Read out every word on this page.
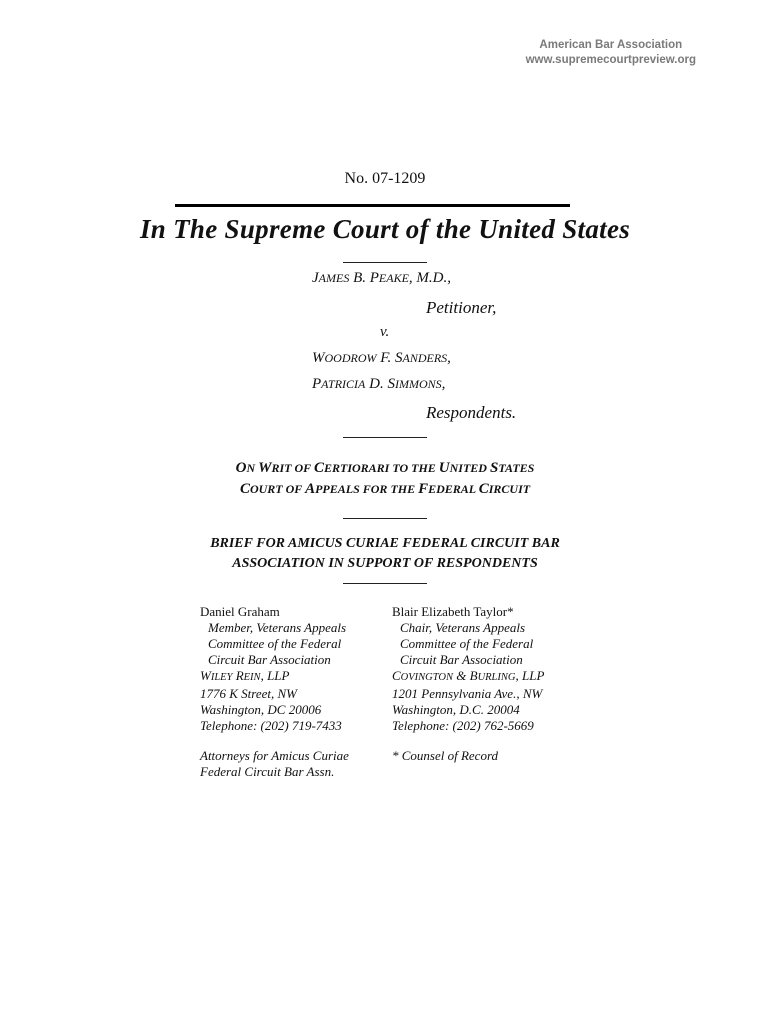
American Bar Association
www.supremecourtpreview.org
No. 07-1209
In The Supreme Court of the United States
JAMES B. PEAKE, M.D.,
Petitioner,
v.
WOODROW F. SANDERS,
PATRICIA D. SIMMONS,
Respondents.
ON WRIT OF CERTIORARI TO THE UNITED STATES
COURT OF APPEALS FOR THE FEDERAL CIRCUIT
BRIEF FOR AMICUS CURIAE FEDERAL CIRCUIT BAR
ASSOCIATION IN SUPPORT OF RESPONDENTS
Daniel Graham
Member, Veterans Appeals
Committee of the Federal
Circuit Bar Association
WILEY REIN, LLP
1776 K Street, NW
Washington, DC 20006
Telephone: (202) 719-7433
Attorneys for Amicus Curiae
Federal Circuit Bar Assn.
Blair Elizabeth Taylor*
Chair, Veterans Appeals
Committee of the Federal
Circuit Bar Association
COVINGTON & BURLING, LLP
1201 Pennsylvania Ave., NW
Washington, D.C. 20004
Telephone: (202) 762-5669
* Counsel of Record
